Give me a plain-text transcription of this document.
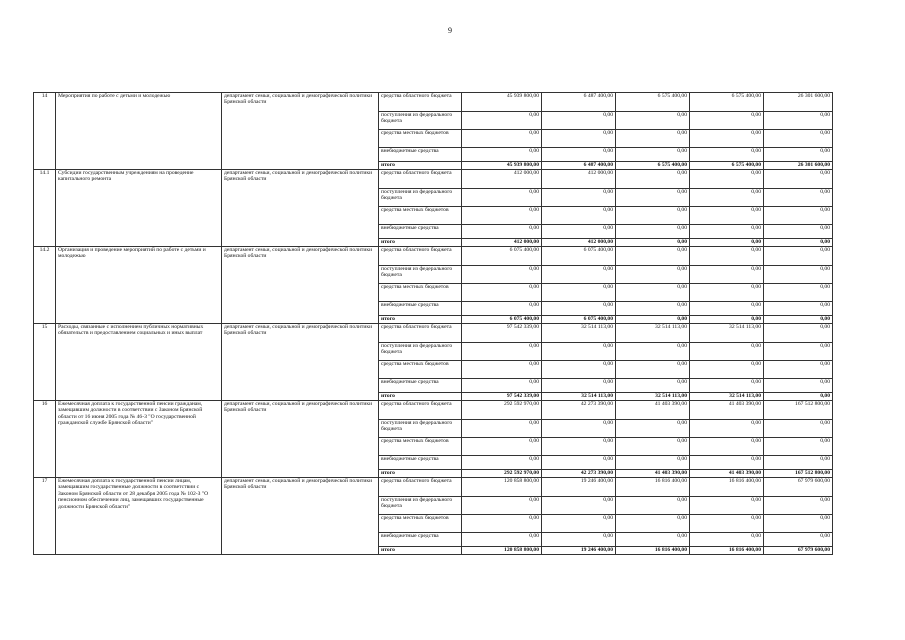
9
14	Мероприятия по работе с детьми и молодежью	департамент семьи, социальной и демографической политики Брянской области	средства областного бюджета	45 939 800,00	6 487 400,00	6 575 400,00	6 575 400,00	26 301 600,00
			поступления из федерального бюджета	0,00	0,00	0,00	0,00	0,00
			средства местных бюджетов	0,00	0,00	0,00	0,00	0,00
			внебюджетные средства	0,00	0,00	0,00	0,00	0,00
			итого	45 939 800,00	6 487 400,00	6 575 400,00	6 575 400,00	26 301 600,00
14.1	Субсидии государственным учреждениям на проведение капитального ремонта	департамент семьи, социальной и демографической политики Брянской области	средства областного бюджета	412 000,00	412 000,00	0,00	0,00	0,00
			поступления из федерального бюджета	0,00	0,00	0,00	0,00	0,00
			средства местных бюджетов	0,00	0,00	0,00	0,00	0,00
			внебюджетные средства	0,00	0,00	0,00	0,00	0,00
			итого	412 000,00	412 000,00	0,00	0,00	0,00
14.2	Организация и проведение мероприятий по работе с детьми и молодежью	департамент семьи, социальной и демографической политики Брянской области	средства областного бюджета	6 075 400,00	6 075 400,00	0,00	0,00	0,00
			поступления из федерального бюджета	0,00	0,00	0,00	0,00	0,00
			средства местных бюджетов	0,00	0,00	0,00	0,00	0,00
			внебюджетные средства	0,00	0,00	0,00	0,00	0,00
			итого	6 075 400,00	6 075 400,00	0,00	0,00	0,00
15	Расходы, связанные с исполнением публичных нормативных обязательств и предоставлением социальных и иных выплат	департамент семьи, социальной и демографической политики Брянской области	средства областного бюджета	97 542 339,00	32 514 113,00	32 514 113,00	32 514 113,00	0,00
			поступления из федерального бюджета	0,00	0,00	0,00	0,00	0,00
			средства местных бюджетов	0,00	0,00	0,00	0,00	0,00
			внебюджетные средства	0,00	0,00	0,00	0,00	0,00
			итого	97 542 339,00	32 514 113,00	32 514 113,00	32 514 113,00	0,00
16	Ежемесячная доплата к государственной пенсии гражданам, замещавшим должности в соответствии с Законом Брянской области от 16 июня 2005 года № 46-З "О государственной гражданской службе Брянской области"	департамент семьи, социальной и демографической политики Брянской области	средства областного бюджета	292 592 970,00	42 273 390,00	41 403 390,00	41 403 390,00	167 512 800,00
			поступления из федерального бюджета	0,00	0,00	0,00	0,00	0,00
			средства местных бюджетов	0,00	0,00	0,00	0,00	0,00
			внебюджетные средства	0,00	0,00	0,00	0,00	0,00
			итого	292 592 970,00	42 273 390,00	41 403 390,00	41 403 390,00	167 512 800,00
17	Ежемесячная доплата к государственной пенсии лицам, замещавшим государственные должности в соответствии с Законом Брянской области от 28 декабря 2005 года № 102-З "О пенсионном обеспечении лиц, замещавших государственные должности Брянской области"	департамент семьи, социальной и демографической политики Брянской области	средства областного бюджета	120 858 800,00	19 246 400,00	16 816 400,00	16 816 400,00	67 979 600,00
			поступления из федерального бюджета	0,00	0,00	0,00	0,00	0,00
			средства местных бюджетов	0,00	0,00	0,00	0,00	0,00
			внебюджетные средства	0,00	0,00	0,00	0,00	0,00
			итого	120 858 800,00	19 246 400,00	16 816 400,00	16 816 400,00	67 979 600,00
